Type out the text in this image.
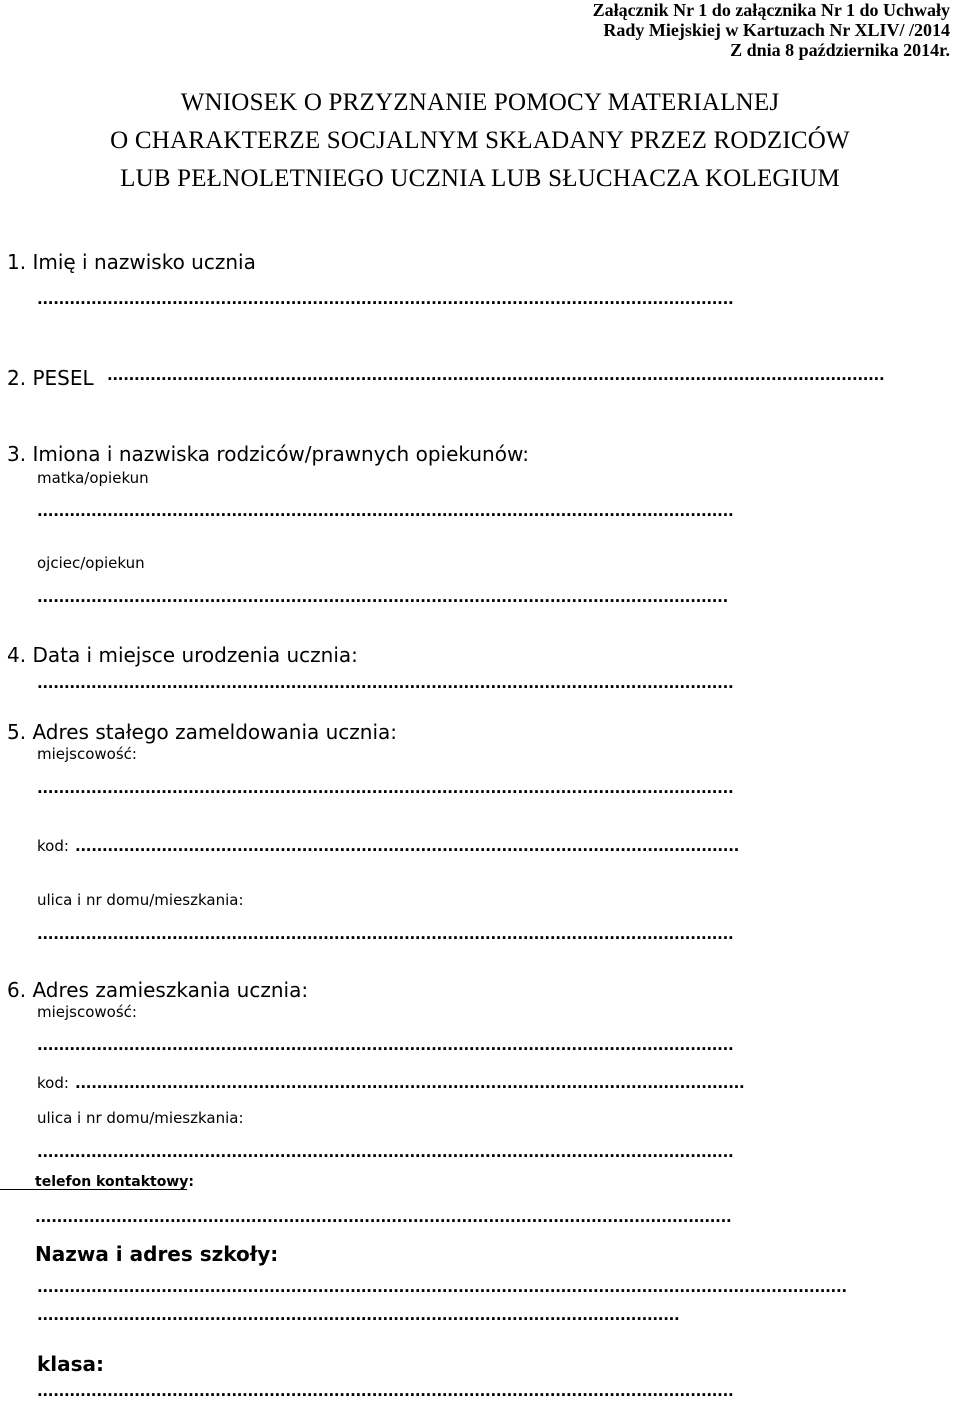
Załącznik Nr 1 do załącznika Nr 1 do Uchwały
Rady Miejskiej w Kartuzach Nr XLIV/ /2014
Z dnia 8 października 2014r.
WNIOSEK O PRZYZNANIE POMOCY MATERIALNEJ
O CHARAKTERZE SOCJALNYM SKŁADANY PRZEZ RODZICÓW
LUB PEŁNOLETNIEGO UCZNIA LUB SŁUCHACZA KOLEGIUM
1. Imię i nazwisko ucznia
.................................................................................................................................
2. PESEL ................................................................................................................................................
3. Imiona i nazwiska rodziców/prawnych opiekunów:
matka/opiekun
.................................................................................................................................
ojciec/opiekun
................................................................................................................................
4. Data i miejsce urodzenia ucznia:
.................................................................................................................................
5. Adres stałego zameldowania ucznia:
miejscowość:
.................................................................................................................................
kod: ...........................................................................................................................
ulica i nr domu/mieszkania:
.................................................................................................................................
6. Adres zamieszkania ucznia:
miejscowość:
.................................................................................................................................
kod: ............................................................................................................................
ulica i nr domu/mieszkania:
.................................................................................................................................
telefon kontaktowy:
.................................................................................................................................
Nazwa i adres szkoły:
......................................................................................................................................................
.......................................................................................................................
klasa:
.................................................................................................................................
